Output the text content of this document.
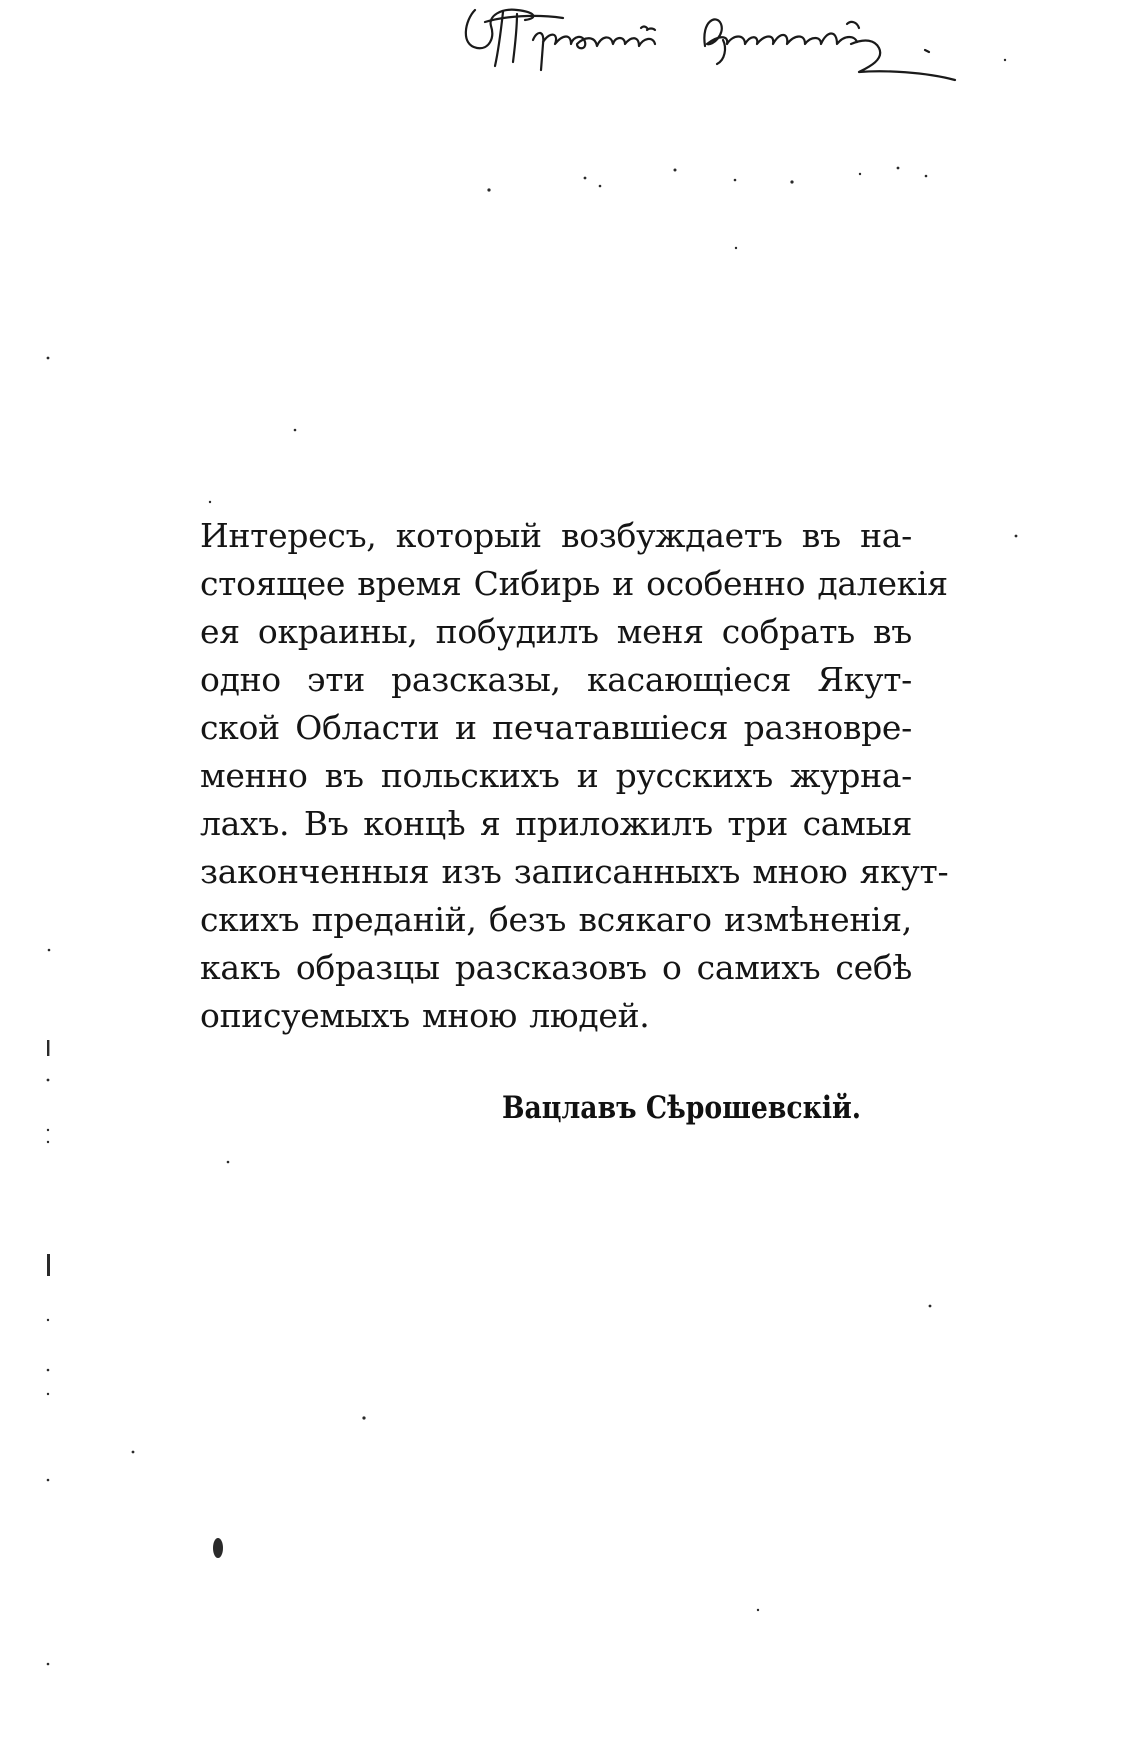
Интересъ, который возбуждаетъ въ на-
стоящее время Сибирь и особенно далекія
ея окраины, побудилъ меня собрать въ
одно эти разсказы, касающіеся Якут-
ской Области и печатавшіеся разновре-
менно въ польскихъ и русскихъ журна-
лахъ. Въ концѣ я приложилъ три самыя
законченныя изъ записанныхъ мною якут-
скихъ преданій, безъ всякаго измѣненія,
какъ образцы разсказовъ о самихъ себѣ
описуемыхъ мною людей.

Вацлавъ Сѣрошевскій.
